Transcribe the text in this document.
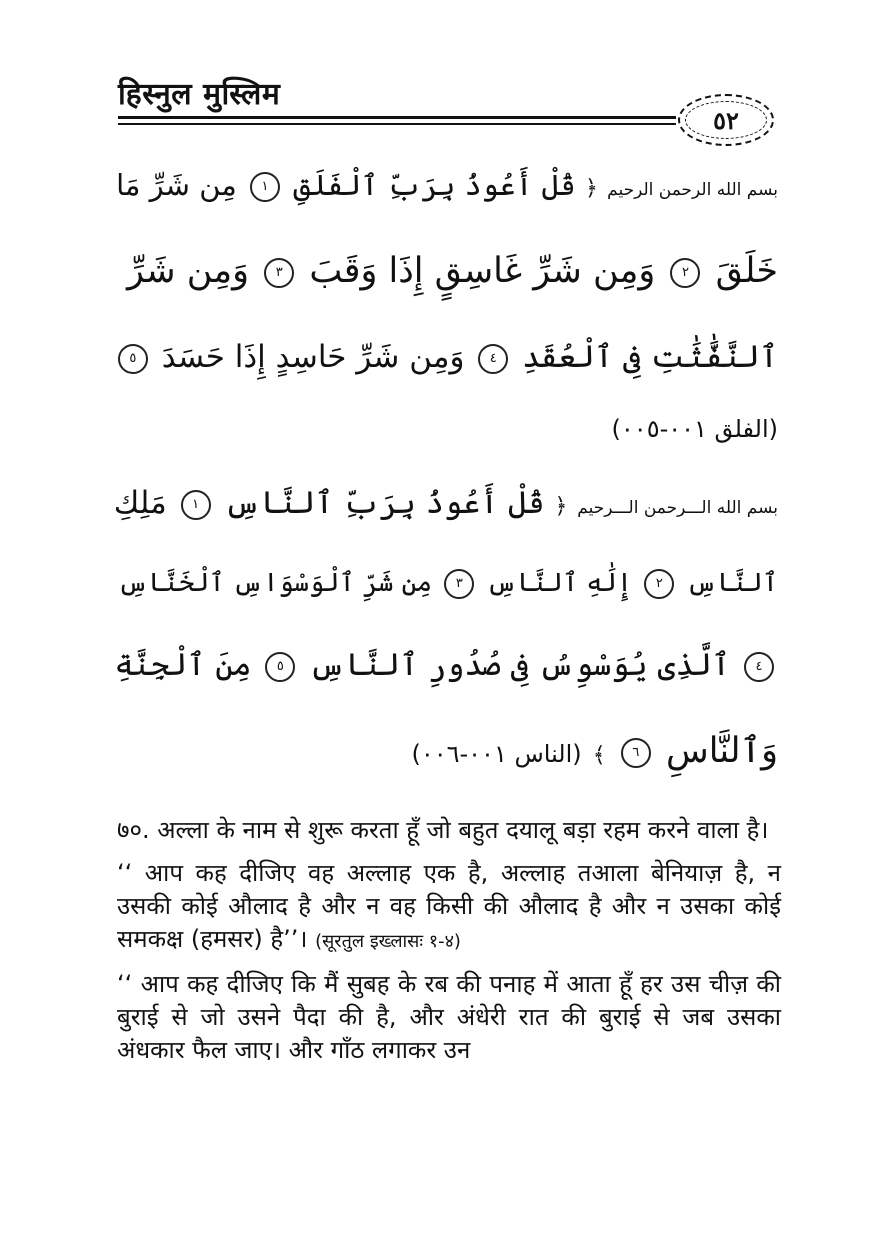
हिस्नुल मुस्लिम
٥٢
بسم الله الرحمن الرحيم ﴿ قُلْ أَعُوذُ بِرَبِّ ٱلْفَلَقِ ١ مِن شَرِّ مَا
خَلَقَ ٢ وَمِن شَرِّ غَاسِقٍ إِذَا وَقَبَ ٣ وَمِن شَرِّ
ٱلنَّفَّٰثَٰتِ فِى ٱلْعُقَدِ ٤ وَمِن شَرِّ حَاسِدٍ إِذَا حَسَدَ ٥
(الفلق ٠٠١-٠٠٥)
بسم الله الـــرحمن الـــرحيم ﴿ قُلْ أَعُوذُ بِرَبِّ ٱلنَّاسِ ١ مَلِكِ
ٱلنَّاسِ ٢ إِلَٰهِ ٱلنَّاسِ ٣ مِن شَرِّ ٱلْوَسْوَاسِ ٱلْخَنَّاسِ
٤ ٱلَّذِى يُوَسْوِسُ فِى صُدُورِ ٱلنَّاسِ ٥ مِنَ ٱلْجِنَّةِ
وَٱلنَّاسِ ٦ ﴾ (الناس ٠٠١-٠٠٦)

७०. अल्ला के नाम से शुरू करता हूँ जो बहुत दयालू बड़ा रहम करने वाला है।

‘‘ आप कह दीजिए वह अल्लाह एक है, अल्लाह तआला बेनियाज़ है, न उसकी कोई औलाद है और न वह किसी की औलाद है और न उसका कोई समकक्ष (हमसर) है’’। (सूरतुल इख्लासः १-४)

‘‘ आप कह दीजिए कि मैं सुबह के रब की पनाह में आता हूँ हर उस चीज़ की बुराई से जो उसने पैदा की है, और अंधेरी रात की बुराई से जब उसका अंधकार फैल जाए। और गाँठ लगाकर उन
